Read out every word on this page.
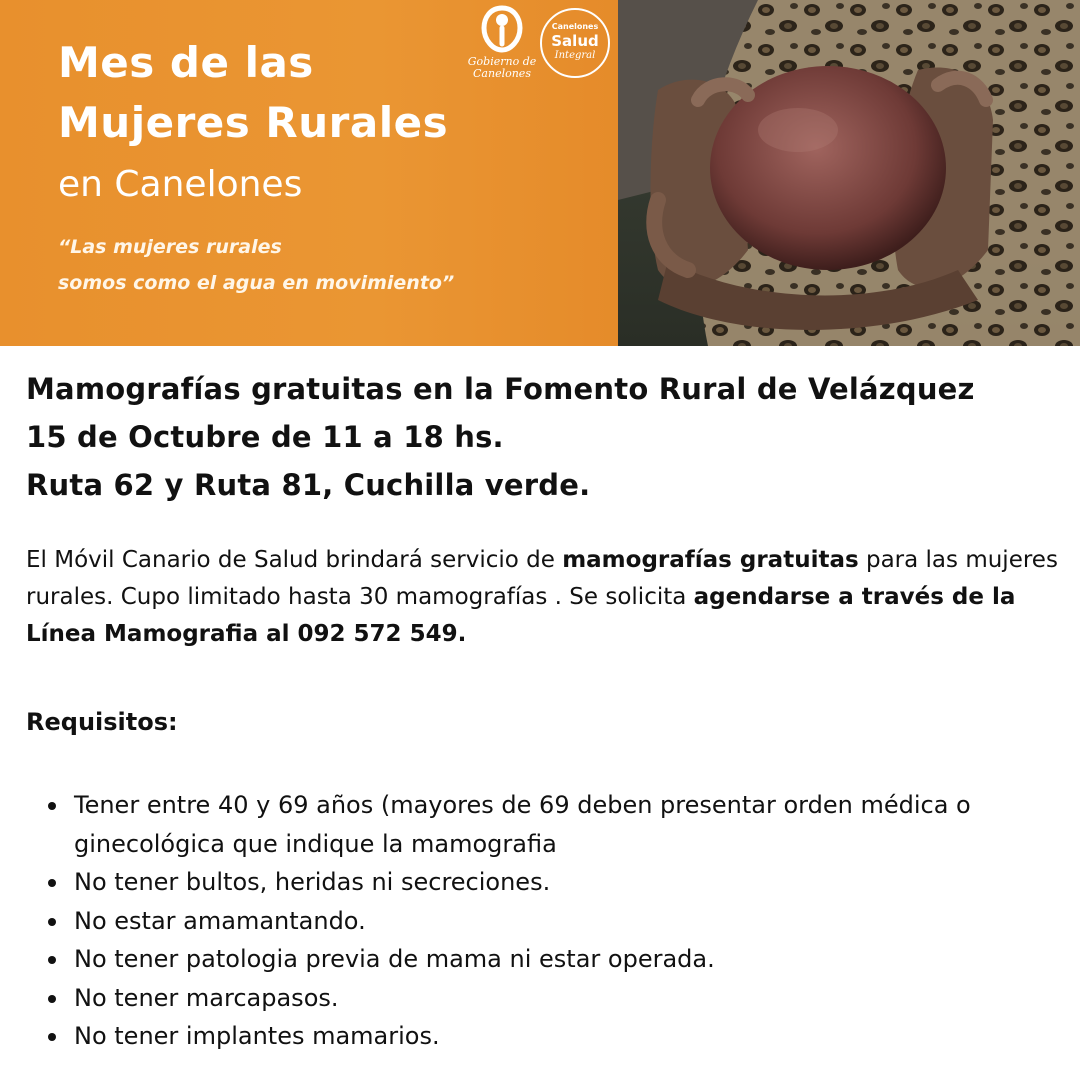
Mes de las
Mujeres Rurales
en Canelones
“Las mujeres rurales
somos como el agua en movimiento”
Gobierno de
Canelones
Canelones
Salud
Integral
Mamografías gratuitas en la Fomento Rural de Velázquez
15 de Octubre de 11 a 18 hs.
Ruta 62 y Ruta 81, Cuchilla verde.
El Móvil Canario de Salud brindará servicio de mamografías gratuitas para las mujeres rurales. Cupo limitado hasta 30 mamografías . Se solicita agendarse a través de la Línea Mamografia al 092 572 549.
Requisitos:
Tener entre 40 y 69 años (mayores de 69 deben presentar orden médica o ginecológica que indique la mamografia
No tener bultos, heridas ni secreciones.
No estar amamantando.
No tener patologia previa de mama ni estar operada.
No tener marcapasos.
No tener implantes mamarios.
